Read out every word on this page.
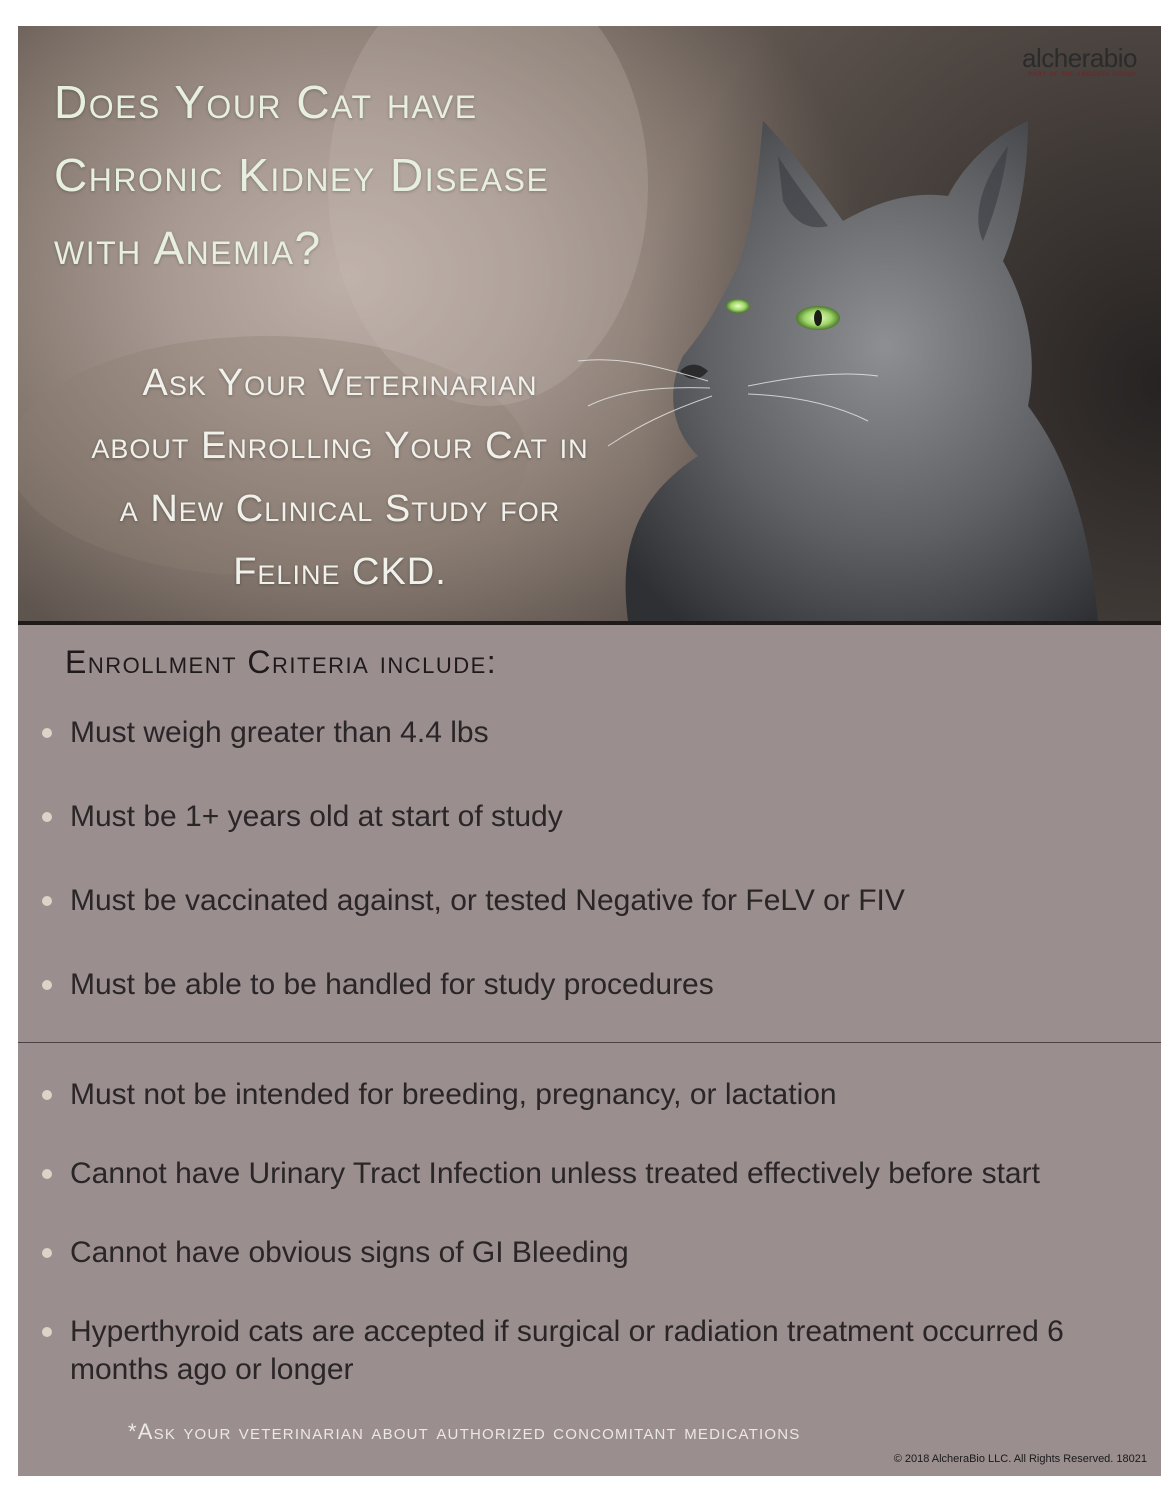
alcherabio
PART OF THE ARGENTA GROUP
Does Your Cat have
Chronic Kidney Disease
with Anemia?

Ask Your Veterinarian
about Enrolling Your Cat in
a New Clinical Study for
Feline CKD.

Enrollment Criteria include:
Must weigh greater than 4.4 lbs
Must be 1+ years old at start of study
Must be vaccinated against, or tested Negative for FeLV or FIV
Must be able to be handled for study procedures
Must not be intended for breeding, pregnancy, or lactation
Cannot have Urinary Tract Infection unless treated effectively before start
Cannot have obvious signs of GI Bleeding
Hyperthyroid cats are accepted if surgical or radiation treatment occurred 6 months ago or longer

*Ask your veterinarian about authorized concomitant medications

© 2018 AlcheraBio LLC. All Rights Reserved. 18021
